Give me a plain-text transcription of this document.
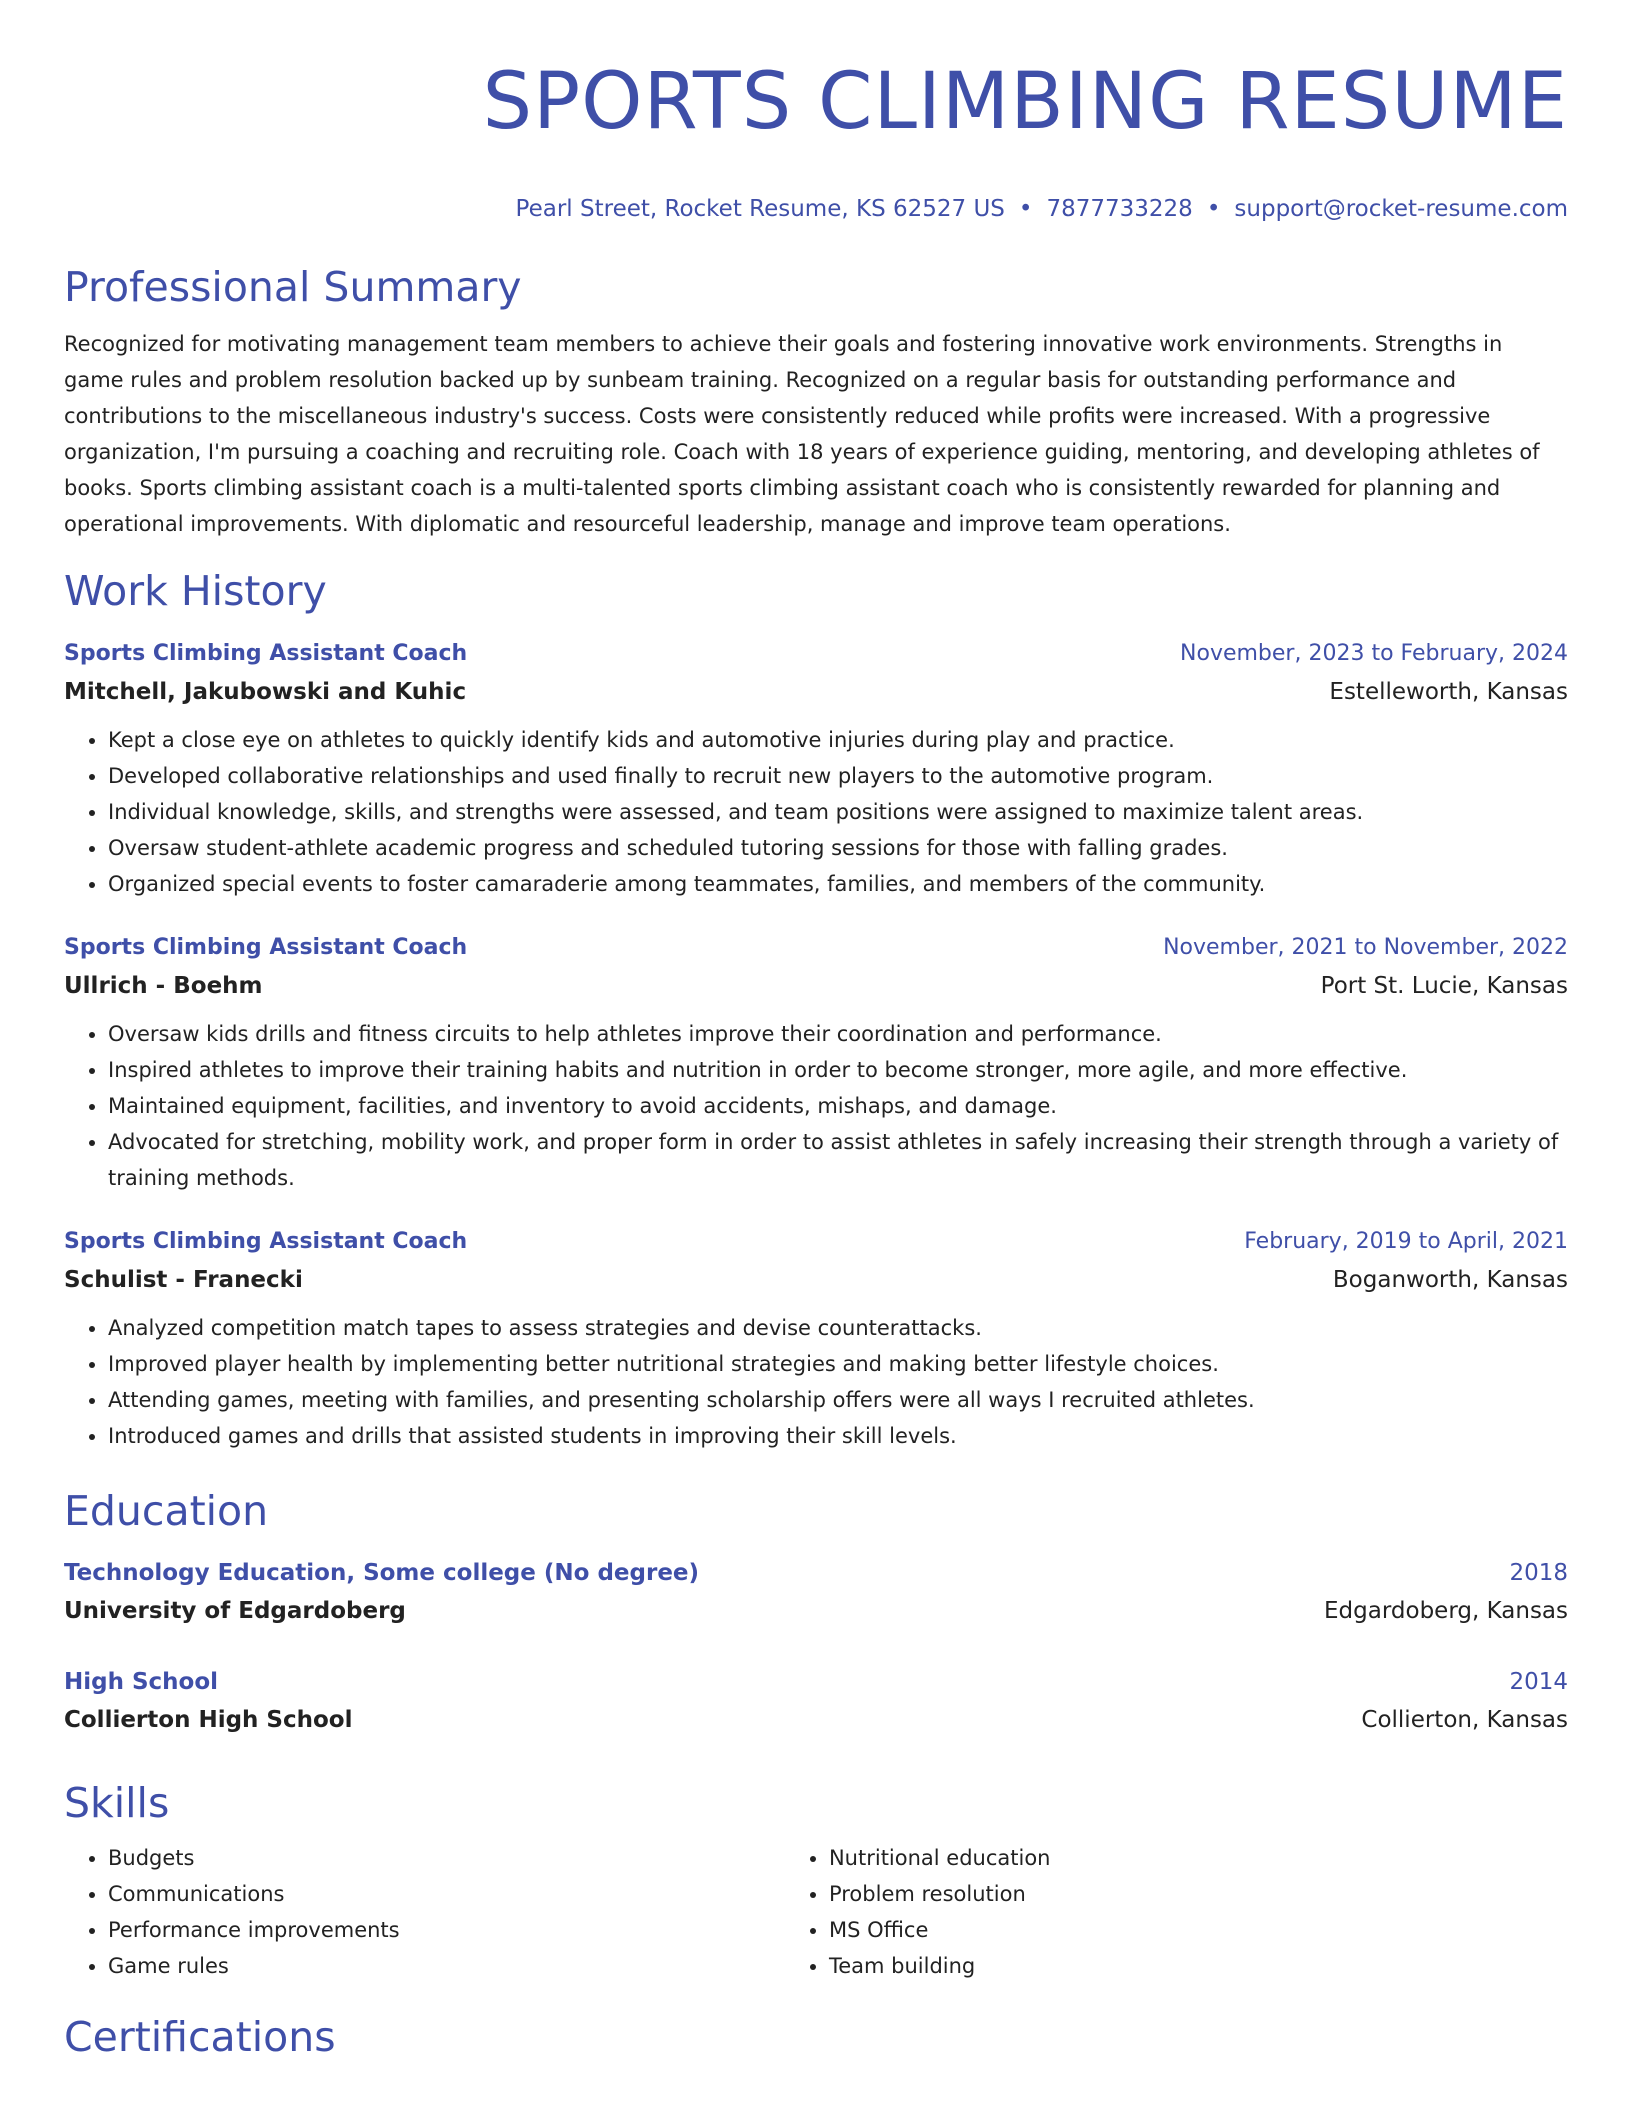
SPORTS CLIMBING RESUME
Pearl Street, Rocket Resume, KS 62527 US • 7877733228 • support@rocket-resume.com
Professional Summary
Recognized for motivating management team members to achieve their goals and fostering innovative work environments. Strengths in game rules and problem resolution backed up by sunbeam training. Recognized on a regular basis for outstanding performance and contributions to the miscellaneous industry's success. Costs were consistently reduced while profits were increased. With a progressive organization, I'm pursuing a coaching and recruiting role. Coach with 18 years of experience guiding, mentoring, and developing athletes of books. Sports climbing assistant coach is a multi-talented sports climbing assistant coach who is consistently rewarded for planning and operational improvements. With diplomatic and resourceful leadership, manage and improve team operations.
Work History
Sports Climbing Assistant Coach	November, 2023 to February, 2024
Mitchell, Jakubowski and Kuhic	Estelleworth, Kansas
• Kept a close eye on athletes to quickly identify kids and automotive injuries during play and practice.
• Developed collaborative relationships and used finally to recruit new players to the automotive program.
• Individual knowledge, skills, and strengths were assessed, and team positions were assigned to maximize talent areas.
• Oversaw student-athlete academic progress and scheduled tutoring sessions for those with falling grades.
• Organized special events to foster camaraderie among teammates, families, and members of the community.
Sports Climbing Assistant Coach	November, 2021 to November, 2022
Ullrich - Boehm	Port St. Lucie, Kansas
• Oversaw kids drills and fitness circuits to help athletes improve their coordination and performance.
• Inspired athletes to improve their training habits and nutrition in order to become stronger, more agile, and more effective.
• Maintained equipment, facilities, and inventory to avoid accidents, mishaps, and damage.
• Advocated for stretching, mobility work, and proper form in order to assist athletes in safely increasing their strength through a variety of training methods.
Sports Climbing Assistant Coach	February, 2019 to April, 2021
Schulist - Franecki	Boganworth, Kansas
• Analyzed competition match tapes to assess strategies and devise counterattacks.
• Improved player health by implementing better nutritional strategies and making better lifestyle choices.
• Attending games, meeting with families, and presenting scholarship offers were all ways I recruited athletes.
• Introduced games and drills that assisted students in improving their skill levels.
Education
Technology Education, Some college (No degree)	2018
University of Edgardoberg	Edgardoberg, Kansas
High School	2014
Collierton High School	Collierton, Kansas
Skills
• Budgets
• Communications
• Performance improvements
• Game rules
• Nutritional education
• Problem resolution
• MS Office
• Team building
Certifications
